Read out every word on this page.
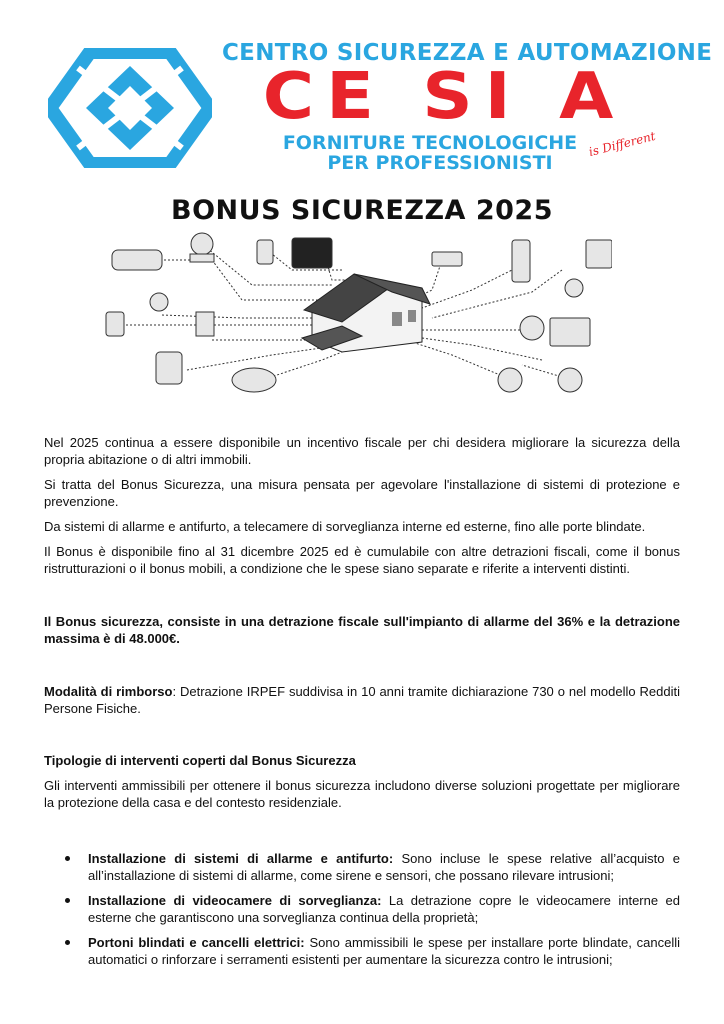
CENTRO SICUREZZA E AUTOMAZIONE
CE SI A
FORNITURE TECNOLOGICHE
PER PROFESSIONISTI
is Different
BONUS SICUREZZA 2025
Nel 2025 continua a essere disponibile un incentivo fiscale per chi desidera migliorare la sicurezza della propria abitazione o di altri immobili.
Si tratta del Bonus Sicurezza, una misura pensata per agevolare l'installazione di sistemi di protezione e prevenzione.
Da sistemi di allarme e antifurto, a telecamere di sorveglianza interne ed esterne, fino alle porte blindate.
Il Bonus è disponibile fino al 31 dicembre 2025 ed è cumulabile con altre detrazioni fiscali, come il bonus ristrutturazioni o il bonus mobili, a condizione che le spese siano separate e riferite a interventi distinti.
Il Bonus sicurezza, consiste in una detrazione fiscale sull'impianto di allarme del 36% e la detrazione massima è di 48.000€.
Modalità di rimborso: Detrazione IRPEF suddivisa in 10 anni tramite dichiarazione 730 o nel modello Redditi Persone Fisiche.
Tipologie di interventi coperti dal Bonus Sicurezza
Gli interventi ammissibili per ottenere il bonus sicurezza includono diverse soluzioni progettate per migliorare la protezione della casa e del contesto residenziale.
Installazione di sistemi di allarme e antifurto: Sono incluse le spese relative all’acquisto e all’installazione di sistemi di allarme, come sirene e sensori, che possano rilevare intrusioni;
Installazione di videocamere di sorveglianza: La detrazione copre le videocamere interne ed esterne che garantiscono una sorveglianza continua della proprietà;
Portoni blindati e cancelli elettrici: Sono ammissibili le spese per installare porte blindate, cancelli automatici o rinforzare i serramenti esistenti per aumentare la sicurezza contro le intrusioni;
